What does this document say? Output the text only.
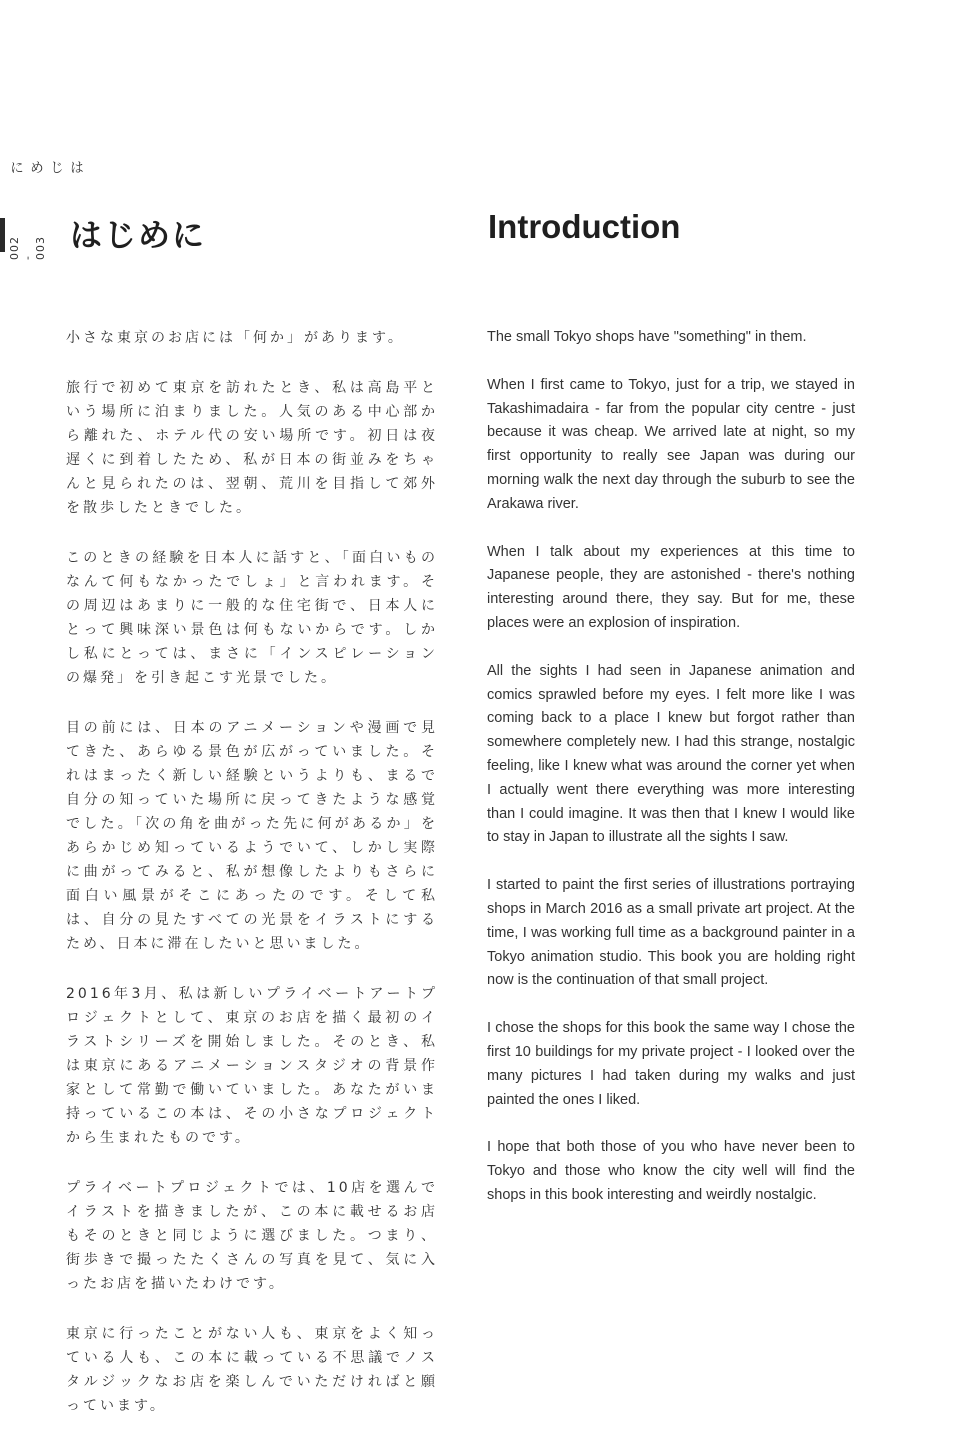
はじめに
002 - 003 はじめに	Introduction

小さな東京のお店には「何か」があります。

旅行で初めて東京を訪れたとき、私は高島平という場所に泊まりました。人気のある中心部から離れた、ホテル代の安い場所です。初日は夜遅くに到着したため、私が日本の街並みをちゃんと見られたのは、翌朝、荒川を目指して郊外を散歩したときでした。

このときの経験を日本人に話すと、「面白いものなんて何もなかったでしょ」と言われます。その周辺はあまりに一般的な住宅街で、日本人にとって興味深い景色は何もないからです。しかし私にとっては、まさに「インスピレーションの爆発」を引き起こす光景でした。

目の前には、日本のアニメーションや漫画で見てきた、あらゆる景色が広がっていました。それはまったく新しい経験というよりも、まるで自分の知っていた場所に戻ってきたような感覚でした。「次の角を曲がった先に何があるか」をあらかじめ知っているようでいて、しかし実際に曲がってみると、私が想像したよりもさらに面白い風景がそこにあったのです。そして私は、自分の見たすべての光景をイラストにするため、日本に滞在したいと思いました。

2016年3月、私は新しいプライベートアートプロジェクトとして、東京のお店を描く最初のイラストシリーズを開始しました。そのとき、私は東京にあるアニメーションスタジオの背景作家として常勤で働いていました。あなたがいま持っているこの本は、その小さなプロジェクトから生まれたものです。

プライベートプロジェクトでは、10店を選んでイラストを描きましたが、この本に載せるお店もそのときと同じように選びました。つまり、街歩きで撮ったたくさんの写真を見て、気に入ったお店を描いたわけです。

東京に行ったことがない人も、東京をよく知っている人も、この本に載っている不思議でノスタルジックなお店を楽しんでいただければと願っています。

The small Tokyo shops have "something" in them.

When I first came to Tokyo, just for a trip, we stayed in Takashimadaira - far from the popular city centre - just because it was cheap. We arrived late at night, so my first opportunity to really see Japan was during our morning walk the next day through the suburb to see the Arakawa river.

When I talk about my experiences at this time to Japanese people, they are astonished - there's nothing interesting around there, they say. But for me, these places were an explosion of inspiration.

All the sights I had seen in Japanese animation and comics sprawled before my eyes. I felt more like I was coming back to a place I knew but forgot rather than somewhere completely new. I had this strange, nostalgic feeling, like I knew what was around the corner yet when I actually went there everything was more interesting than I could imagine. It was then that I knew I would like to stay in Japan to illustrate all the sights I saw.

I started to paint the first series of illustrations portraying shops in March 2016 as a small private art project. At the time, I was working full time as a background painter in a Tokyo animation studio. This book you are holding right now is the continuation of that small project.

I chose the shops for this book the same way I chose the first 10 buildings for my private project - I looked over the many pictures I had taken during my walks and just painted the ones I liked.

I hope that both those of you who have never been to Tokyo and those who know the city well will find the shops in this book interesting and weirdly nostalgic.
